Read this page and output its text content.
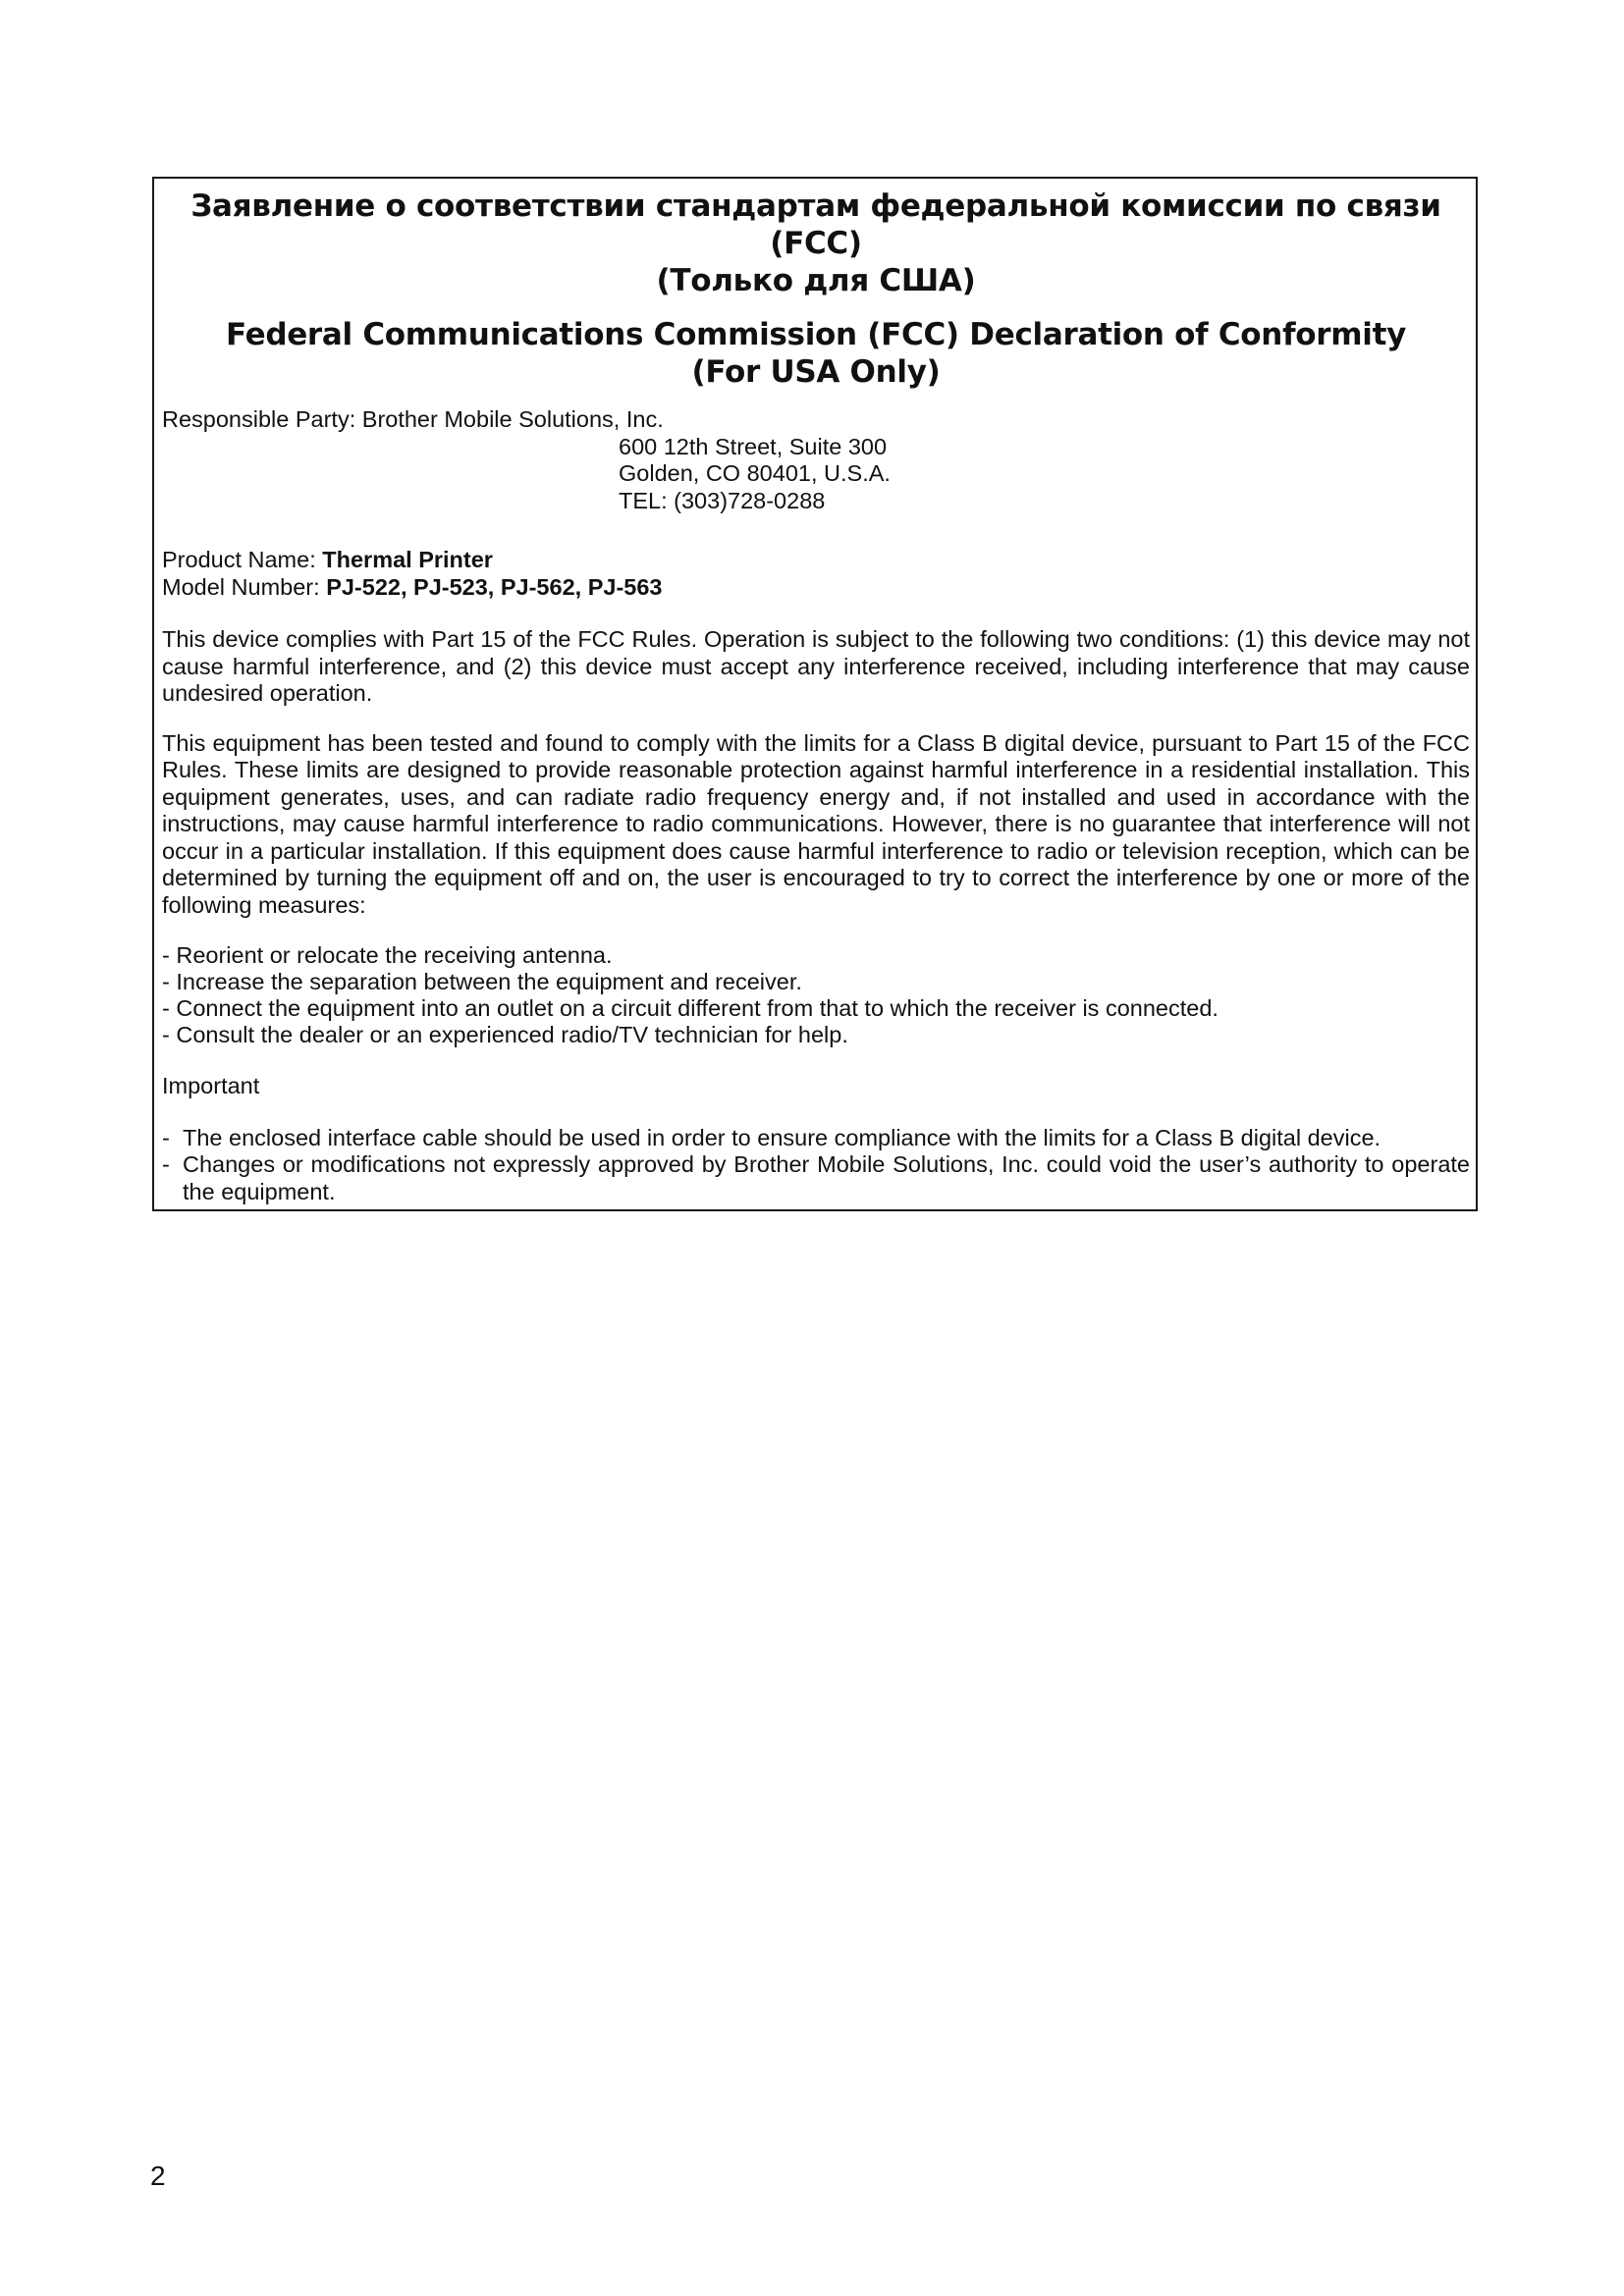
Заявление о соответствии стандартам федеральной комиссии по связи (FCC)
(Только для США)

Federal Communications Commission (FCC) Declaration of Conformity
(For USA Only)

Responsible Party: Brother Mobile Solutions, Inc.
600 12th Street, Suite 300
Golden, CO 80401, U.S.A.
TEL: (303)728-0288
Product Name: Thermal Printer
Model Number: PJ-522, PJ-523, PJ-562, PJ-563

This device complies with Part 15 of the FCC Rules. Operation is subject to the following two conditions: (1) this device may not cause harmful interference, and (2) this device must accept any interference received, including interference that may cause undesired operation.

This equipment has been tested and found to comply with the limits for a Class B digital device, pursuant to Part 15 of the FCC Rules. These limits are designed to provide reasonable protection against harmful interference in a residential installation. This equipment generates, uses, and can radiate radio frequency energy and, if not installed and used in accordance with the instructions, may cause harmful interference to radio communications. However, there is no guarantee that interference will not occur in a particular installation. If this equipment does cause harmful interference to radio or television reception, which can be determined by turning the equipment off and on, the user is encouraged to try to correct the interference by one or more of the following measures:

- Reorient or relocate the receiving antenna.
- Increase the separation between the equipment and receiver.
- Connect the equipment into an outlet on a circuit different from that to which the receiver is connected.
- Consult the dealer or an experienced radio/TV technician for help.

Important

- The enclosed interface cable should be used in order to ensure compliance with the limits for a Class B digital device.
- Changes or modifications not expressly approved by Brother Mobile Solutions, Inc. could void the user’s authority to operate the equipment.

2
